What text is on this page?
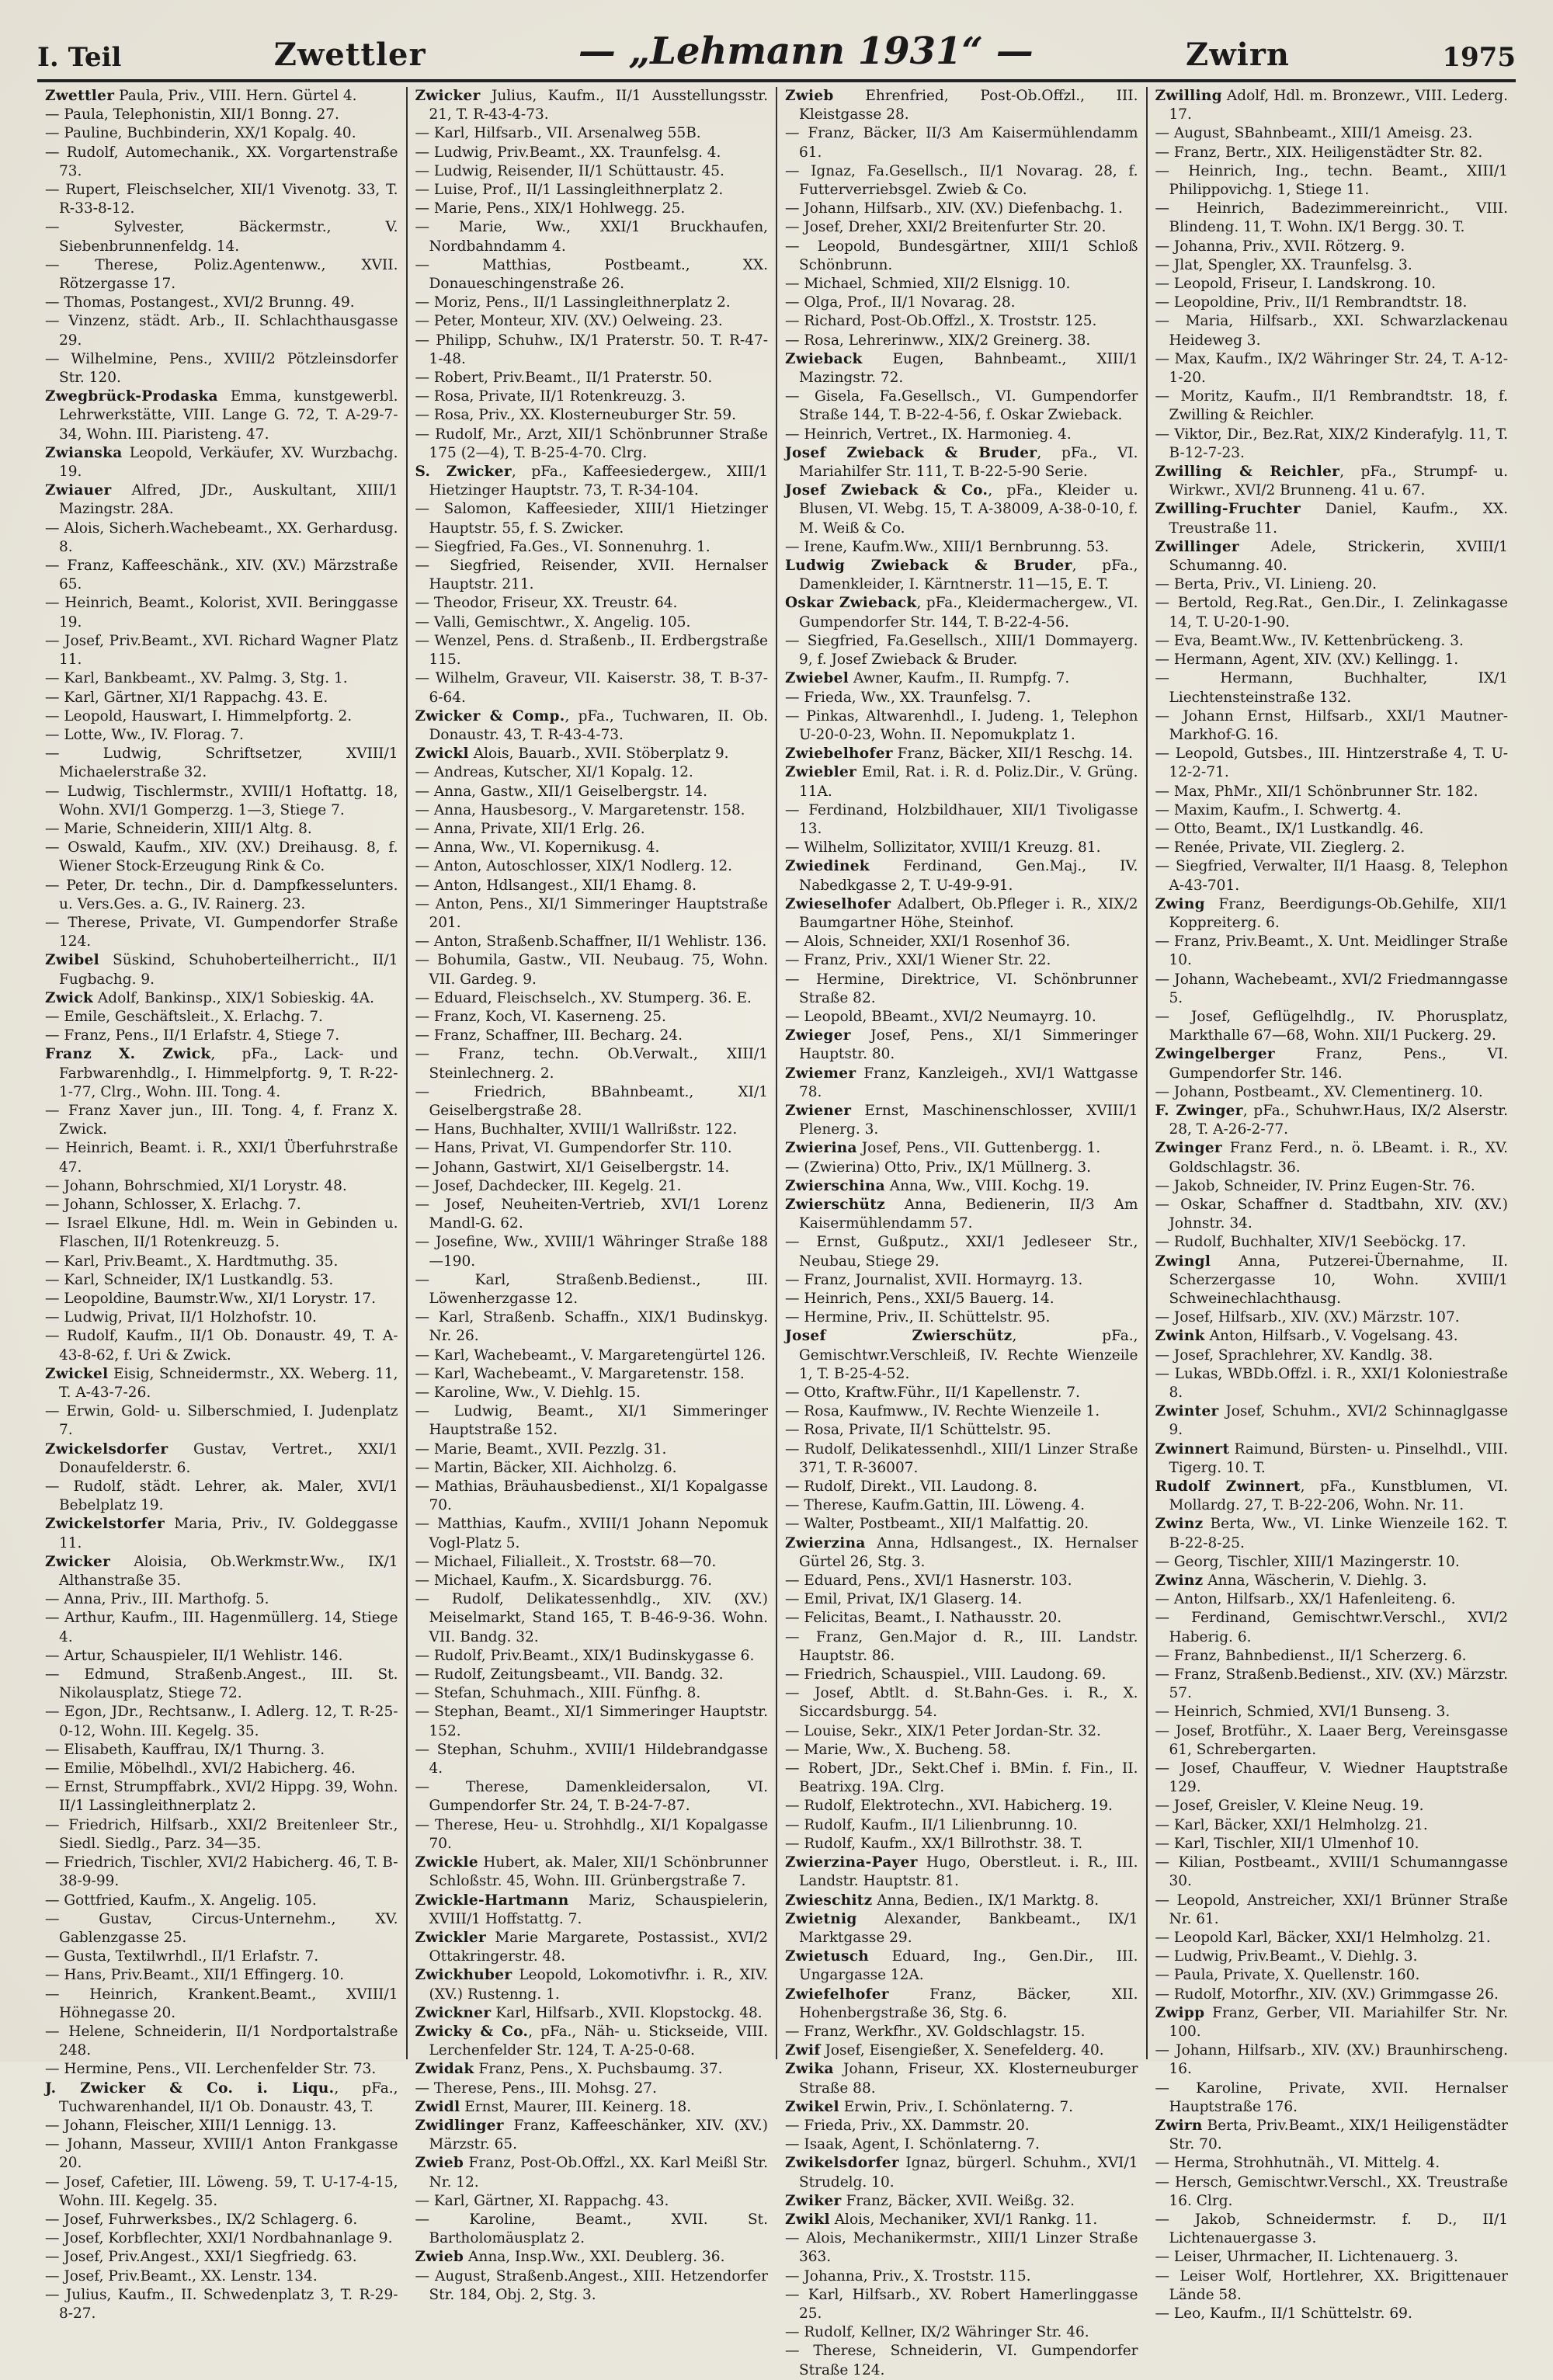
I. Teil	Zwettler	— „Lehmann 1931“ —	Zwirn	1975
Zwettler Paula, Priv., VIII. Hern. Gürtel 4.
— Paula, Telephonistin, XII/1 Bonng. 27.
— Pauline, Buchbinderin, XX/1 Kopalg. 40.
— Rudolf, Automechanik., XX. Vorgartenstraße 73.
— Rupert, Fleischselcher, XII/1 Vivenotg. 33, T. R-33-8-12.
— Sylvester, Bäckermstr., V. Siebenbrunnenfeldg. 14.
— Therese, Poliz.Agentenww., XVII. Rötzergasse 17.
— Thomas, Postangest., XVI/2 Brunng. 49.
— Vinzenz, städt. Arb., II. Schlachthausgasse 29.
— Wilhelmine, Pens., XVIII/2 Pötzleinsdorfer Str. 120.
Zwegbrück-Prodaska Emma, kunstgewerbl. Lehrwerkstätte, VIII. Lange G. 72, T. A-29-7-34, Wohn. III. Piaristeng. 47.
Zwianska Leopold, Verkäufer, XV. Wurzbachg. 19.
Zwiauer Alfred, JDr., Auskultant, XIII/1 Mazingstr. 28A.
— Alois, Sicherh.Wachebeamt., XX. Gerhardusg. 8.
— Franz, Kaffeeschänk., XIV. (XV.) Märzstraße 65.
— Heinrich, Beamt., Kolorist, XVII. Beringgasse 19.
— Josef, Priv.Beamt., XVI. Richard Wagner Platz 11.
— Karl, Bankbeamt., XV. Palmg. 3, Stg. 1.
— Karl, Gärtner, XI/1 Rappachg. 43. E.
— Leopold, Hauswart, I. Himmelpfortg. 2.
— Lotte, Ww., IV. Florag. 7.
— Ludwig, Schriftsetzer, XVIII/1 Michaelerstraße 32.
— Ludwig, Tischlermstr., XVIII/1 Hoftattg. 18, Wohn. XVI/1 Gomperzg. 1—3, Stiege 7.
— Marie, Schneiderin, XIII/1 Altg. 8.
— Oswald, Kaufm., XIV. (XV.) Dreihausg. 8, f. Wiener Stock-Erzeugung Rink & Co.
— Peter, Dr. techn., Dir. d. Dampfkesselunters. u. Vers.Ges. a. G., IV. Rainerg. 23.
— Therese, Private, VI. Gumpendorfer Straße 124.
Zwibel Süskind, Schuhoberteilherricht., II/1 Fugbachg. 9.
Zwick Adolf, Bankinsp., XIX/1 Sobieskig. 4A.
— Emile, Geschäftsleit., X. Erlachg. 7.
— Franz, Pens., II/1 Erlafstr. 4, Stiege 7.
Franz X. Zwick, pFa., Lack- und Farbwarenhdlg., I. Himmelpfortg. 9, T. R-22-1-77, Clrg., Wohn. III. Tong. 4.
— Franz Xaver jun., III. Tong. 4, f. Franz X. Zwick.
— Heinrich, Beamt. i. R., XXI/1 Überfuhrstraße 47.
— Johann, Bohrschmied, XI/1 Lorystr. 48.
— Johann, Schlosser, X. Erlachg. 7.
— Israel Elkune, Hdl. m. Wein in Gebinden u. Flaschen, II/1 Rotenkreuzg. 5.
— Karl, Priv.Beamt., X. Hardtmuthg. 35.
— Karl, Schneider, IX/1 Lustkandlg. 53.
— Leopoldine, Baumstr.Ww., XI/1 Lorystr. 17.
— Ludwig, Privat, II/1 Holzhofstr. 10.
— Rudolf, Kaufm., II/1 Ob. Donaustr. 49, T. A-43-8-62, f. Uri & Zwick.
Zwickel Eisig, Schneidermstr., XX. Weberg. 11, T. A-43-7-26.
— Erwin, Gold- u. Silberschmied, I. Judenplatz 7.
Zwickelsdorfer Gustav, Vertret., XXI/1 Donaufelderstr. 6.
— Rudolf, städt. Lehrer, ak. Maler, XVI/1 Bebelplatz 19.
Zwickelstorfer Maria, Priv., IV. Goldeggasse 11.
Zwicker Aloisia, Ob.Werkmstr.Ww., IX/1 Althanstraße 35.
— Anna, Priv., III. Marthofg. 5.
— Arthur, Kaufm., III. Hagenmüllerg. 14, Stiege 4.
— Artur, Schauspieler, II/1 Wehlistr. 146.
— Edmund, Straßenb.Angest., III. St. Nikolausplatz, Stiege 72.
— Egon, JDr., Rechtsanw., I. Adlerg. 12, T. R-25-0-12, Wohn. III. Kegelg. 35.
— Elisabeth, Kauffrau, IX/1 Thurng. 3.
— Emilie, Möbelhdl., XVI/2 Habicherg. 46.
— Ernst, Strumpffabrk., XVI/2 Hippg. 39, Wohn. II/1 Lassingleithnerplatz 2.
— Friedrich, Hilfsarb., XXI/2 Breitenleer Str., Siedl. Siedlg., Parz. 34—35.
— Friedrich, Tischler, XVI/2 Habicherg. 46, T. B-38-9-99.
— Gottfried, Kaufm., X. Angelig. 105.
— Gustav, Circus-Unternehm., XV. Gablenzgasse 25.
— Gusta, Textilwrhdl., II/1 Erlafstr. 7.
— Hans, Priv.Beamt., XII/1 Effingerg. 10.
— Heinrich, Krankent.Beamt., XVIII/1 Höhnegasse 20.
— Helene, Schneiderin, II/1 Nordportalstraße 248.
— Hermine, Pens., VII. Lerchenfelder Str. 73.
J. Zwicker & Co. i. Liqu., pFa., Tuchwarenhandel, II/1 Ob. Donaustr. 43, T.
— Johann, Fleischer, XIII/1 Lennigg. 13.
— Johann, Masseur, XVIII/1 Anton Frankgasse 20.
— Josef, Cafetier, III. Löweng. 59, T. U-17-4-15, Wohn. III. Kegelg. 35.
— Josef, Fuhrwerksbes., IX/2 Schlagerg. 6.
— Josef, Korbflechter, XXI/1 Nordbahnanlage 9.
— Josef, Priv.Angest., XXI/1 Siegfriedg. 63.
— Josef, Priv.Beamt., XX. Lenstr. 134.
— Julius, Kaufm., II. Schwedenplatz 3, T. R-29-8-27.
Zwicker Julius, Kaufm., II/1 Ausstellungsstr. 21, T. R-43-4-73.
— Karl, Hilfsarb., VII. Arsenalweg 55B.
— Ludwig, Priv.Beamt., XX. Traunfelsg. 4.
— Ludwig, Reisender, II/1 Schüttaustr. 45.
— Luise, Prof., II/1 Lassingleithnerplatz 2.
— Marie, Pens., XIX/1 Hohlwegg. 25.
— Marie, Ww., XXI/1 Bruckhaufen, Nordbahndamm 4.
— Matthias, Postbeamt., XX. Donaueschingenstraße 26.
— Moriz, Pens., II/1 Lassingleithnerplatz 2.
— Peter, Monteur, XIV. (XV.) Oelweing. 23.
— Philipp, Schuhw., IX/1 Praterstr. 50. T. R-47-1-48.
— Robert, Priv.Beamt., II/1 Praterstr. 50.
— Rosa, Private, II/1 Rotenkreuzg. 3.
— Rosa, Priv., XX. Klosterneuburger Str. 59.
— Rudolf, Mr., Arzt, XII/1 Schönbrunner Straße 175 (2—4), T. B-25-4-70. Clrg.
S. Zwicker, pFa., Kaffeesiedergew., XIII/1 Hietzinger Hauptstr. 73, T. R-34-104.
— Salomon, Kaffeesieder, XIII/1 Hietzinger Hauptstr. 55, f. S. Zwicker.
— Siegfried, Fa.Ges., VI. Sonnenuhrg. 1.
— Siegfried, Reisender, XVII. Hernalser Hauptstr. 211.
— Theodor, Friseur, XX. Treustr. 64.
— Valli, Gemischtwr., X. Angelig. 105.
— Wenzel, Pens. d. Straßenb., II. Erdbergstraße 115.
— Wilhelm, Graveur, VII. Kaiserstr. 38, T. B-37-6-64.
Zwicker & Comp., pFa., Tuchwaren, II. Ob. Donaustr. 43, T. R-43-4-73.
Zwickl Alois, Bauarb., XVII. Stöberplatz 9.
— Andreas, Kutscher, XI/1 Kopalg. 12.
— Anna, Gastw., XII/1 Geiselbergstr. 14.
— Anna, Hausbesorg., V. Margaretenstr. 158.
— Anna, Private, XII/1 Erlg. 26.
— Anna, Ww., VI. Kopernikusg. 4.
— Anton, Autoschlosser, XIX/1 Nodlerg. 12.
— Anton, Hdlsangest., XII/1 Ehamg. 8.
— Anton, Pens., XI/1 Simmeringer Hauptstraße 201.
— Anton, Straßenb.Schaffner, II/1 Wehlistr. 136.
— Bohumila, Gastw., VII. Neubaug. 75, Wohn. VII. Gardeg. 9.
— Eduard, Fleischselch., XV. Stumperg. 36. E.
— Franz, Koch, VI. Kaserneng. 25.
— Franz, Schaffner, III. Becharg. 24.
— Franz, techn. Ob.Verwalt., XIII/1 Steinlechnerg. 2.
— Friedrich, BBahnbeamt., XI/1 Geiselbergstraße 28.
— Hans, Buchhalter, XVIII/1 Wallrißstr. 122.
— Hans, Privat, VI. Gumpendorfer Str. 110.
— Johann, Gastwirt, XI/1 Geiselbergstr. 14.
— Josef, Dachdecker, III. Kegelg. 21.
— Josef, Neuheiten-Vertrieb, XVI/1 Lorenz Mandl-G. 62.
— Josefine, Ww., XVIII/1 Währinger Straße 188—190.
— Karl, Straßenb.Bedienst., III. Löwenherzgasse 12.
— Karl, Straßenb. Schaffn., XIX/1 Budinskyg. Nr. 26.
— Karl, Wachebeamt., V. Margaretengürtel 126.
— Karl, Wachebeamt., V. Margaretenstr. 158.
— Karoline, Ww., V. Diehlg. 15.
— Ludwig, Beamt., XI/1 Simmeringer Hauptstraße 152.
— Marie, Beamt., XVII. Pezzlg. 31.
— Martin, Bäcker, XII. Aichholzg. 6.
— Mathias, Bräuhausbedienst., XI/1 Kopalgasse 70.
— Matthias, Kaufm., XVIII/1 Johann Nepomuk Vogl-Platz 5.
— Michael, Filialleit., X. Troststr. 68—70.
— Michael, Kaufm., X. Sicardsburgg. 76.
— Rudolf, Delikatessenhdlg., XIV. (XV.) Meiselmarkt, Stand 165, T. B-46-9-36. Wohn. VII. Bandg. 32.
— Rudolf, Priv.Beamt., XIX/1 Budinskygasse 6.
— Rudolf, Zeitungsbeamt., VII. Bandg. 32.
— Stefan, Schuhmach., XIII. Fünfhg. 8.
— Stephan, Beamt., XI/1 Simmeringer Hauptstr. 152.
— Stephan, Schuhm., XVIII/1 Hildebrandgasse 4.
— Therese, Damenkleidersalon, VI. Gumpendorfer Str. 24, T. B-24-7-87.
— Therese, Heu- u. Strohhdlg., XI/1 Kopalgasse 70.
Zwickle Hubert, ak. Maler, XII/1 Schönbrunner Schloßstr. 45, Wohn. III. Grünbergstraße 7.
Zwickle-Hartmann Mariz, Schauspielerin, XVIII/1 Hoffstattg. 7.
Zwickler Marie Margarete, Postassist., XVI/2 Ottakringerstr. 48.
Zwickhuber Leopold, Lokomotivfhr. i. R., XIV. (XV.) Rustenng. 1.
Zwickner Karl, Hilfsarb., XVII. Klopstockg. 48.
Zwicky & Co., pFa., Näh- u. Stickseide, VIII. Lerchenfelder Str. 124, T. A-25-0-68.
Zwidak Franz, Pens., X. Puchsbaumg. 37.
— Therese, Pens., III. Mohsg. 27.
Zwidl Ernst, Maurer, III. Keinerg. 18.
Zwidlinger Franz, Kaffeeschänker, XIV. (XV.) Märzstr. 65.
Zwieb Franz, Post-Ob.Offzl., XX. Karl Meißl Str. Nr. 12.
— Karl, Gärtner, XI. Rappachg. 43.
— Karoline, Beamt., XVII. St. Bartholomäusplatz 2.
Zwieb Anna, Insp.Ww., XXI. Deublerg. 36.
— August, Straßenb.Angest., XIII. Hetzendorfer Str. 184, Obj. 2, Stg. 3.
Zwieb Ehrenfried, Post-Ob.Offzl., III. Kleistgasse 28.
— Franz, Bäcker, II/3 Am Kaisermühlendamm 61.
— Ignaz, Fa.Gesellsch., II/1 Novarag. 28, f. Futterverriebsgel. Zwieb & Co.
— Johann, Hilfsarb., XIV. (XV.) Diefenbachg. 1.
— Josef, Dreher, XXI/2 Breitenfurter Str. 20.
— Leopold, Bundesgärtner, XIII/1 Schloß Schönbrunn.
— Michael, Schmied, XII/2 Elsnigg. 10.
— Olga, Prof., II/1 Novarag. 28.
— Richard, Post-Ob.Offzl., X. Troststr. 125.
— Rosa, Lehrerinww., XIX/2 Greinerg. 38.
Zwieback Eugen, Bahnbeamt., XIII/1 Mazingstr. 72.
— Gisela, Fa.Gesellsch., VI. Gumpendorfer Straße 144, T. B-22-4-56, f. Oskar Zwieback.
— Heinrich, Vertret., IX. Harmonieg. 4.
Josef Zwieback & Bruder, pFa., VI. Mariahilfer Str. 111, T. B-22-5-90 Serie.
Josef Zwieback & Co., pFa., Kleider u. Blusen, VI. Webg. 15, T. A-38009, A-38-0-10, f. M. Weiß & Co.
— Irene, Kaufm.Ww., XIII/1 Bernbrunng. 53.
Ludwig Zwieback & Bruder, pFa., Damenkleider, I. Kärntnerstr. 11—15, E. T.
Oskar Zwieback, pFa., Kleidermachergew., VI. Gumpendorfer Str. 144, T. B-22-4-56.
— Siegfried, Fa.Gesellsch., XIII/1 Dommayerg. 9, f. Josef Zwieback & Bruder.
Zwiebel Awner, Kaufm., II. Rumpfg. 7.
— Frieda, Ww., XX. Traunfelsg. 7.
— Pinkas, Altwarenhdl., I. Judeng. 1, Telephon U-20-0-23, Wohn. II. Nepomukplatz 1.
Zwiebelhofer Franz, Bäcker, XII/1 Reschg. 14.
Zwiebler Emil, Rat. i. R. d. Poliz.Dir., V. Grüng. 11A.
— Ferdinand, Holzbildhauer, XII/1 Tivoligasse 13.
— Wilhelm, Sollizitator, XVIII/1 Kreuzg. 81.
Zwiedinek Ferdinand, Gen.Maj., IV. Nabedkgasse 2, T. U-49-9-91.
Zwieselhofer Adalbert, Ob.Pfleger i. R., XIX/2 Baumgartner Höhe, Steinhof.
— Alois, Schneider, XXI/1 Rosenhof 36.
— Franz, Priv., XXI/1 Wiener Str. 22.
— Hermine, Direktrice, VI. Schönbrunner Straße 82.
— Leopold, BBeamt., XVI/2 Neumayrg. 10.
Zwieger Josef, Pens., XI/1 Simmeringer Hauptstr. 80.
Zwiemer Franz, Kanzleigeh., XVI/1 Wattgasse 78.
Zwiener Ernst, Maschinenschlosser, XVIII/1 Plenerg. 3.
Zwierina Josef, Pens., VII. Guttenbergg. 1.
— (Zwierina) Otto, Priv., IX/1 Müllnerg. 3.
Zwierschina Anna, Ww., VIII. Kochg. 19.
Zwierschütz Anna, Bedienerin, II/3 Am Kaisermühlendamm 57.
— Ernst, Gußputz., XXI/1 Jedleseer Str., Neubau, Stiege 29.
— Franz, Journalist, XVII. Hormayrg. 13.
— Heinrich, Pens., XXI/5 Bauerg. 14.
— Hermine, Priv., II. Schüttelstr. 95.
Josef Zwierschütz, pFa., Gemischtwr.Verschleiß, IV. Rechte Wienzeile 1, T. B-25-4-52.
— Otto, Kraftw.Führ., II/1 Kapellenstr. 7.
— Rosa, Kaufmww., IV. Rechte Wienzeile 1.
— Rosa, Private, II/1 Schüttelstr. 95.
— Rudolf, Delikatessenhdl., XIII/1 Linzer Straße 371, T. R-36007.
— Rudolf, Direkt., VII. Laudong. 8.
— Therese, Kaufm.Gattin, III. Löweng. 4.
— Walter, Postbeamt., XII/1 Malfattig. 20.
Zwierzina Anna, Hdlsangest., IX. Hernalser Gürtel 26, Stg. 3.
— Eduard, Pens., XVI/1 Hasnerstr. 103.
— Emil, Privat, IX/1 Glaserg. 14.
— Felicitas, Beamt., I. Nathausstr. 20.
— Franz, Gen.Major d. R., III. Landstr. Hauptstr. 86.
— Friedrich, Schauspiel., VIII. Laudong. 69.
— Josef, Abtlt. d. St.Bahn-Ges. i. R., X. Siccardsburgg. 54.
— Louise, Sekr., XIX/1 Peter Jordan-Str. 32.
— Marie, Ww., X. Bucheng. 58.
— Robert, JDr., Sekt.Chef i. BMin. f. Fin., II. Beatrixg. 19A. Clrg.
— Rudolf, Elektrotechn., XVI. Habicherg. 19.
— Rudolf, Kaufm., II/1 Lilienbrunng. 10.
— Rudolf, Kaufm., XX/1 Billrothstr. 38. T.
Zwierzina-Payer Hugo, Oberstleut. i. R., III. Landstr. Hauptstr. 81.
Zwieschitz Anna, Bedien., IX/1 Marktg. 8.
Zwietnig Alexander, Bankbeamt., IX/1 Marktgasse 29.
Zwietusch Eduard, Ing., Gen.Dir., III. Ungargasse 12A.
Zwiefelhofer Franz, Bäcker, XII. Hohenbergstraße 36, Stg. 6.
— Franz, Werkfhr., XV. Goldschlagstr. 15.
Zwif Josef, Eisengießer, X. Senefelderg. 40.
Zwika Johann, Friseur, XX. Klosterneuburger Straße 88.
Zwikel Erwin, Priv., I. Schönlaterng. 7.
— Frieda, Priv., XX. Dammstr. 20.
— Isaak, Agent, I. Schönlaterng. 7.
Zwikelsdorfer Ignaz, bürgerl. Schuhm., XVI/1 Strudelg. 10.
Zwiker Franz, Bäcker, XVII. Weißg. 32.
Zwikl Alois, Mechaniker, XVI/1 Rankg. 11.
— Alois, Mechanikermstr., XIII/1 Linzer Straße 363.
— Johanna, Priv., X. Troststr. 115.
— Karl, Hilfsarb., XV. Robert Hamerlinggasse 25.
— Rudolf, Kellner, IX/2 Währinger Str. 46.
— Therese, Schneiderin, VI. Gumpendorfer Straße 124.
Zwilling Adolf, Hdl. m. Bronzewr., VIII. Lederg. 17.
— August, SBahnbeamt., XIII/1 Ameisg. 23.
— Franz, Bertr., XIX. Heiligenstädter Str. 82.
— Heinrich, Ing., techn. Beamt., XIII/1 Philippovichg. 1, Stiege 11.
— Heinrich, Badezimmereinricht., VIII. Blindeng. 11, T. Wohn. IX/1 Bergg. 30. T.
— Johanna, Priv., XVII. Rötzerg. 9.
— Jlat, Spengler, XX. Traunfelsg. 3.
— Leopold, Friseur, I. Landskrong. 10.
— Leopoldine, Priv., II/1 Rembrandtstr. 18.
— Maria, Hilfsarb., XXI. Schwarzlackenau Heideweg 3.
— Max, Kaufm., IX/2 Währinger Str. 24, T. A-12-1-20.
— Moritz, Kaufm., II/1 Rembrandtstr. 18, f. Zwilling & Reichler.
— Viktor, Dir., Bez.Rat, XIX/2 Kinderafylg. 11, T. B-12-7-23.
Zwilling & Reichler, pFa., Strumpf- u. Wirkwr., XVI/2 Brunneng. 41 u. 67.
Zwilling-Fruchter Daniel, Kaufm., XX. Treustraße 11.
Zwillinger Adele, Strickerin, XVIII/1 Schumanng. 40.
— Berta, Priv., VI. Linieng. 20.
— Bertold, Reg.Rat., Gen.Dir., I. Zelinkagasse 14, T. U-20-1-90.
— Eva, Beamt.Ww., IV. Kettenbrückeng. 3.
— Hermann, Agent, XIV. (XV.) Kellingg. 1.
— Hermann, Buchhalter, IX/1 Liechtensteinstraße 132.
— Johann Ernst, Hilfsarb., XXI/1 Mautner-Markhof-G. 16.
— Leopold, Gutsbes., III. Hintzerstraße 4, T. U-12-2-71.
— Max, PhMr., XII/1 Schönbrunner Str. 182.
— Maxim, Kaufm., I. Schwertg. 4.
— Otto, Beamt., IX/1 Lustkandlg. 46.
— Renée, Private, VII. Zieglerg. 2.
— Siegfried, Verwalter, II/1 Haasg. 8, Telephon A-43-701.
Zwing Franz, Beerdigungs-Ob.Gehilfe, XII/1 Koppreiterg. 6.
— Franz, Priv.Beamt., X. Unt. Meidlinger Straße 10.
— Johann, Wachebeamt., XVI/2 Friedmanngasse 5.
— Josef, Geflügelhdlg., IV. Phorusplatz, Markthalle 67—68, Wohn. XII/1 Puckerg. 29.
Zwingelberger Franz, Pens., VI. Gumpendorfer Str. 146.
— Johann, Postbeamt., XV. Clementinerg. 10.
F. Zwinger, pFa., Schuhwr.Haus, IX/2 Alserstr. 28, T. A-26-2-77.
Zwinger Franz Ferd., n. ö. LBeamt. i. R., XV. Goldschlagstr. 36.
— Jakob, Schneider, IV. Prinz Eugen-Str. 76.
— Oskar, Schaffner d. Stadtbahn, XIV. (XV.) Johnstr. 34.
— Rudolf, Buchhalter, XIV/1 Seeböckg. 17.
Zwingl Anna, Putzerei-Übernahme, II. Scherzergasse 10, Wohn. XVIII/1 Schweinechlachthausg.
— Josef, Hilfsarb., XIV. (XV.) Märzstr. 107.
Zwink Anton, Hilfsarb., V. Vogelsang. 43.
— Josef, Sprachlehrer, XV. Kandlg. 38.
— Lukas, WBDb.Offzl. i. R., XXI/1 Koloniestraße 8.
Zwinter Josef, Schuhm., XVI/2 Schinnaglgasse 9.
Zwinnert Raimund, Bürsten- u. Pinselhdl., VIII. Tigerg. 10. T.
Rudolf Zwinnert, pFa., Kunstblumen, VI. Mollardg. 27, T. B-22-206, Wohn. Nr. 11.
Zwinz Berta, Ww., VI. Linke Wienzeile 162. T. B-22-8-25.
— Georg, Tischler, XIII/1 Mazingerstr. 10.
Zwinz Anna, Wäscherin, V. Diehlg. 3.
— Anton, Hilfsarb., XX/1 Hafenleiteng. 6.
— Ferdinand, Gemischtwr.Verschl., XVI/2 Haberig. 6.
— Franz, Bahnbedienst., II/1 Scherzerg. 6.
— Franz, Straßenb.Bedienst., XIV. (XV.) Märzstr. 57.
— Heinrich, Schmied, XVI/1 Bunseng. 3.
— Josef, Brotführ., X. Laaer Berg, Vereinsgasse 61, Schrebergarten.
— Josef, Chauffeur, V. Wiedner Hauptstraße 129.
— Josef, Greisler, V. Kleine Neug. 19.
— Karl, Bäcker, XXI/1 Helmholzg. 21.
— Karl, Tischler, XII/1 Ulmenhof 10.
— Kilian, Postbeamt., XVIII/1 Schumanngasse 30.
— Leopold, Anstreicher, XXI/1 Brünner Straße Nr. 61.
— Leopold Karl, Bäcker, XXI/1 Helmholzg. 21.
— Ludwig, Priv.Beamt., V. Diehlg. 3.
— Paula, Private, X. Quellenstr. 160.
— Rudolf, Motorfhr., XIV. (XV.) Grimmgasse 26.
Zwipp Franz, Gerber, VII. Mariahilfer Str. Nr. 100.
— Johann, Hilfsarb., XIV. (XV.) Braunhirscheng. 16.
— Karoline, Private, XVII. Hernalser Hauptstraße 176.
Zwirn Berta, Priv.Beamt., XIX/1 Heiligenstädter Str. 70.
— Herma, Strohhutnäh., VI. Mittelg. 4.
— Hersch, Gemischtwr.Verschl., XX. Treustraße 16. Clrg.
— Jakob, Schneidermstr. f. D., II/1 Lichtenauergasse 3.
— Leiser, Uhrmacher, II. Lichtenauerg. 3.
— Leiser Wolf, Hortlehrer, XX. Brigittenauer Lände 58.
— Leo, Kaufm., II/1 Schüttelstr. 69.
